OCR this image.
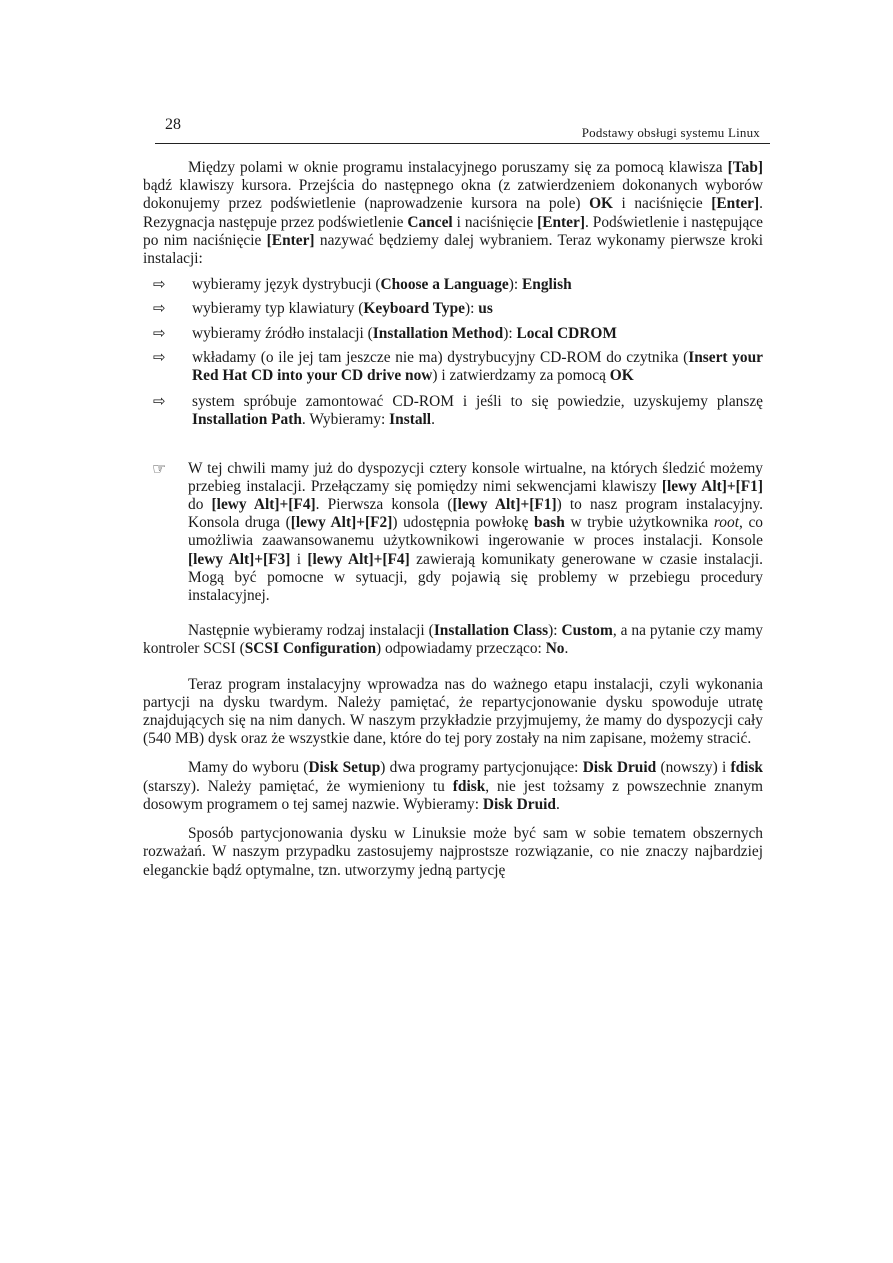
28	Podstawy obsługi systemu Linux

Między polami w oknie programu instalacyjnego poruszamy się za pomocą klawisza [Tab] bądź klawiszy kursora. Przejścia do następnego okna (z zatwierdzeniem dokonanych wyborów dokonujemy przez podświetlenie (naprowadzenie kursora na pole) OK i naciśnięcie [Enter]. Rezygnacja następuje przez podświetlenie Cancel i naciśnięcie [Enter]. Podświetlenie i następujące po nim naciśnięcie [Enter] nazywać będziemy dalej wybraniem. Teraz wykonamy pierwsze kroki instalacji:

⇨ wybieramy język dystrybucji (Choose a Language): English
⇨ wybieramy typ klawiatury (Keyboard Type): us
⇨ wybieramy źródło instalacji (Installation Method): Local CDROM
⇨ wkładamy (o ile jej tam jeszcze nie ma) dystrybucyjny CD-ROM do czytnika (Insert your Red Hat CD into your CD drive now) i zatwierdzamy za pomocą OK
⇨ system spróbuje zamontować CD-ROM i jeśli to się powiedzie, uzyskujemy planszę Installation Path. Wybieramy: Install.

☞ W tej chwili mamy już do dyspozycji cztery konsole wirtualne, na których śledzić możemy przebieg instalacji. Przełączamy się pomiędzy nimi sekwencjami klawiszy [lewy Alt]+[F1] do [lewy Alt]+[F4]. Pierwsza konsola ([lewy Alt]+[F1]) to nasz program instalacyjny. Konsola druga ([lewy Alt]+[F2]) udostępnia powłokę bash w trybie użytkownika root, co umożliwia zaawansowanemu użytkownikowi ingerowanie w proces instalacji. Konsole [lewy Alt]+[F3] i [lewy Alt]+[F4] zawierają komunikaty generowane w czasie instalacji. Mogą być pomocne w sytuacji, gdy pojawią się problemy w przebiegu procedury instalacyjnej.

Następnie wybieramy rodzaj instalacji (Installation Class): Custom, a na pytanie czy mamy kontroler SCSI (SCSI Configuration) odpowiadamy przecząco: No.

Teraz program instalacyjny wprowadza nas do ważnego etapu instalacji, czyli wykonania partycji na dysku twardym. Należy pamiętać, że repartycjonowanie dysku spowoduje utratę znajdujących się na nim danych. W naszym przykładzie przyjmujemy, że mamy do dyspozycji cały (540 MB) dysk oraz że wszystkie dane, które do tej pory zostały na nim zapisane, możemy stracić.

Mamy do wyboru (Disk Setup) dwa programy partycjonujące: Disk Druid (nowszy) i fdisk (starszy). Należy pamiętać, że wymieniony tu fdisk, nie jest tożsamy z powszechnie znanym dosowym programem o tej samej nazwie. Wybieramy: Disk Druid.

Sposób partycjonowania dysku w Linuksie może być sam w sobie tematem obszernych rozważań. W naszym przypadku zastosujemy najprostsze rozwiązanie, co nie znaczy najbardziej eleganckie bądź optymalne, tzn. utworzymy jedną partycję
